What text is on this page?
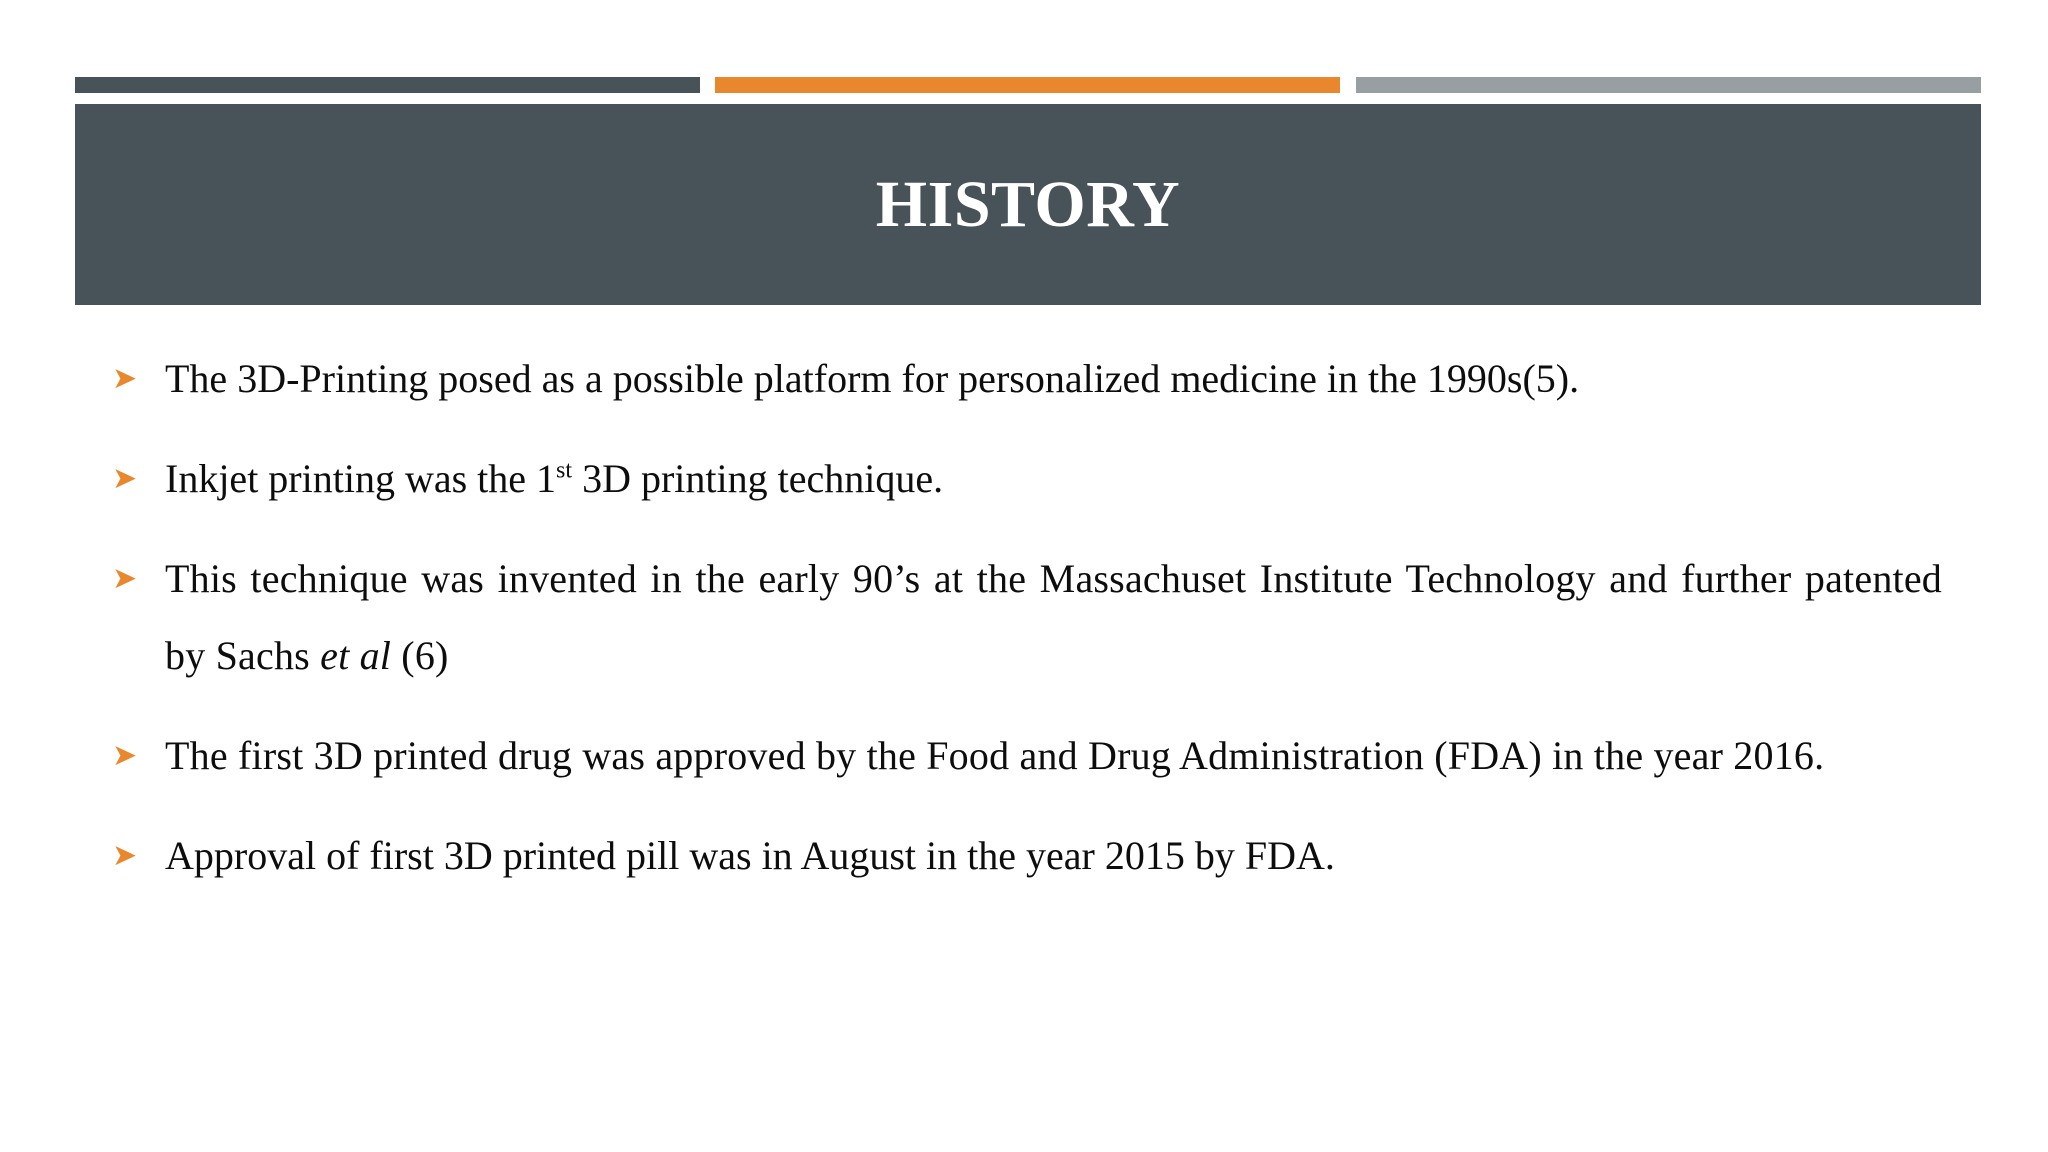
HISTORY
➤ The 3D-Printing posed as a possible platform for personalized medicine in the 1990s(5).
➤ Inkjet printing was the 1st 3D printing technique.
➤ This technique was invented in the early 90’s at the Massachuset Institute Technology and further patented by Sachs et al (6)
➤ The first 3D printed drug was approved by the Food and Drug Administration (FDA) in the year 2016.
➤ Approval of first 3D printed pill was in August in the year 2015 by FDA.
